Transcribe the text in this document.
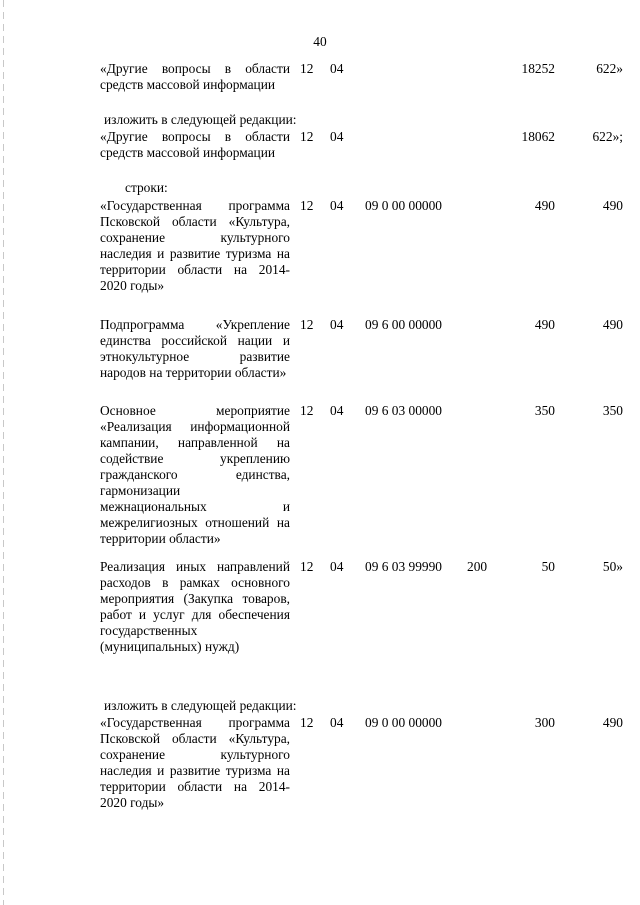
40
«Другие вопросы в области средств массовой информации
12 04	18252	622»
изложить в следующей редакции:
«Другие вопросы в области средств массовой информации
12 04	18062	622»;
строки:
«Государственная программа Псковской области «Культура, сохранение культурного наследия и развитие туризма на территории области на 2014-2020 годы»
12 04 09 0 00 00000	490	490
Подпрограмма «Укрепление единства российской нации и этнокультурное развитие народов на территории области»
12 04 09 6 00 00000	490	490
Основное мероприятие «Реализация информационной кампании, направленной на содействие укреплению гражданского единства, гармонизации межнациональных и межрелигиозных отношений на территории области»
12 04 09 6 03 00000	350	350
Реализация иных направлений расходов в рамках основного мероприятия (Закупка товаров, работ и услуг для обеспечения государственных (муниципальных) нужд)
12 04 09 6 03 99990 200	50	50»
изложить в следующей редакции:
«Государственная программа Псковской области «Культура, сохранение культурного наследия и развитие туризма на территории области на 2014-2020 годы»
12 04 09 0 00 00000	300	490
